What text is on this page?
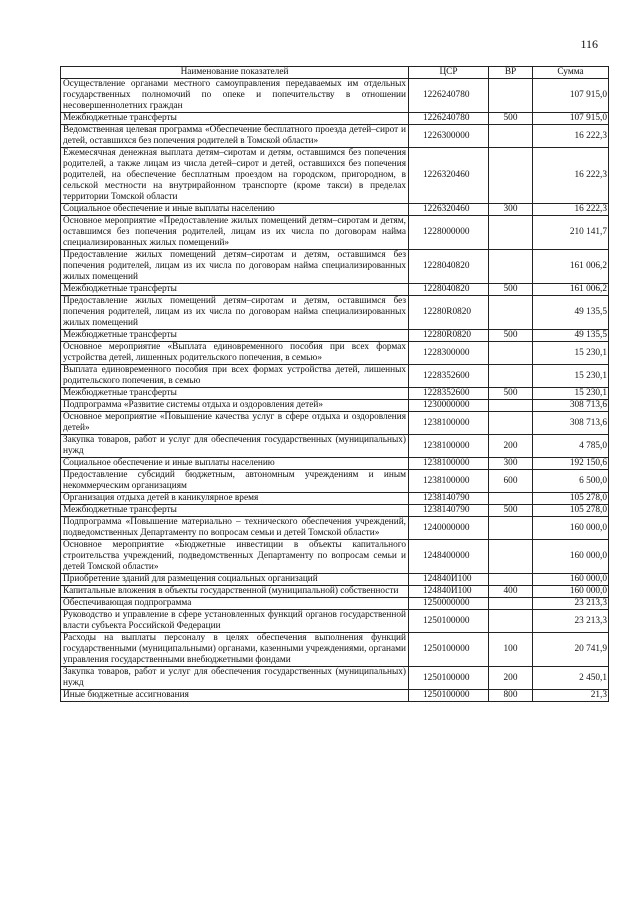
116
Наименование показателей	ЦСР	ВР	Сумма
Осуществление органами местного самоуправления передаваемых им отдельных государственных полномочий по опеке и попечительству в отношении несовершеннолетних граждан	1226240780		107 915,0
Межбюджетные трансферты	1226240780	500	107 915,0
Ведомственная целевая программа «Обеспечение бесплатного проезда детей–сирот и детей, оставшихся без попечения родителей в Томской области»	1226300000		16 222,3
Ежемесячная денежная выплата детям–сиротам и детям, оставшимся без попечения родителей, а также лицам из числа детей–сирот и детей, оставшихся без попечения родителей, на обеспечение бесплатным проездом на городском, пригородном, в сельской местности на внутрирайонном транспорте (кроме такси) в пределах территории Томской области	1226320460		16 222,3
Социальное обеспечение и иные выплаты населению	1226320460	300	16 222,3
Основное мероприятие «Предоставление жилых помещений детям–сиротам и детям, оставшимся без попечения родителей, лицам из их числа по договорам найма специализированных жилых помещений»	1228000000		210 141,7
Предоставление жилых помещений детям–сиротам и детям, оставшимся без попечения родителей, лицам из их числа по договорам найма специализированных жилых помещений	1228040820		161 006,2
Межбюджетные трансферты	1228040820	500	161 006,2
Предоставление жилых помещений детям–сиротам и детям, оставшимся без попечения родителей, лицам из их числа по договорам найма специализированных жилых помещений	12280R0820		49 135,5
Межбюджетные трансферты	12280R0820	500	49 135,5
Основное мероприятие «Выплата единовременного пособия при всех формах устройства детей, лишенных родительского попечения, в семью»	1228300000		15 230,1
Выплата единовременного пособия при всех формах устройства детей, лишенных родительского попечения, в семью	1228352600		15 230,1
Межбюджетные трансферты	1228352600	500	15 230,1
Подпрограмма «Развитие системы отдыха и оздоровления детей»	1230000000		308 713,6
Основное мероприятие «Повышение качества услуг в сфере отдыха и оздоровления детей»	1238100000		308 713,6
Закупка товаров, работ и услуг для обеспечения государственных (муниципальных) нужд	1238100000	200	4 785,0
Социальное обеспечение и иные выплаты населению	1238100000	300	192 150,6
Предоставление субсидий бюджетным, автономным учреждениям и иным некоммерческим организациям	1238100000	600	6 500,0
Организация отдыха детей в каникулярное время	1238140790		105 278,0
Межбюджетные трансферты	1238140790	500	105 278,0
Подпрограмма «Повышение материально – технического обеспечения учреждений, подведомственных Департаменту по вопросам семьи и детей Томской области»	1240000000		160 000,0
Основное мероприятие «Бюджетные инвестиции в объекты капитального строительства учреждений, подведомственных Департаменту по вопросам семьи и детей Томской области»	1248400000		160 000,0
Приобретение зданий для размещения социальных организаций	124840И100		160 000,0
Капитальные вложения в объекты государственной (муниципальной) собственности	124840И100	400	160 000,0
Обеспечивающая подпрограмма	1250000000		23 213,3
Руководство и управление в сфере установленных функций органов государственной власти субъекта Российской Федерации	1250100000		23 213,3
Расходы на выплаты персоналу в целях обеспечения выполнения функций государственными (муниципальными) органами, казенными учреждениями, органами управления государственными внебюджетными фондами	1250100000	100	20 741,9
Закупка товаров, работ и услуг для обеспечения государственных (муниципальных) нужд	1250100000	200	2 450,1
Иные бюджетные ассигнования	1250100000	800	21,3
